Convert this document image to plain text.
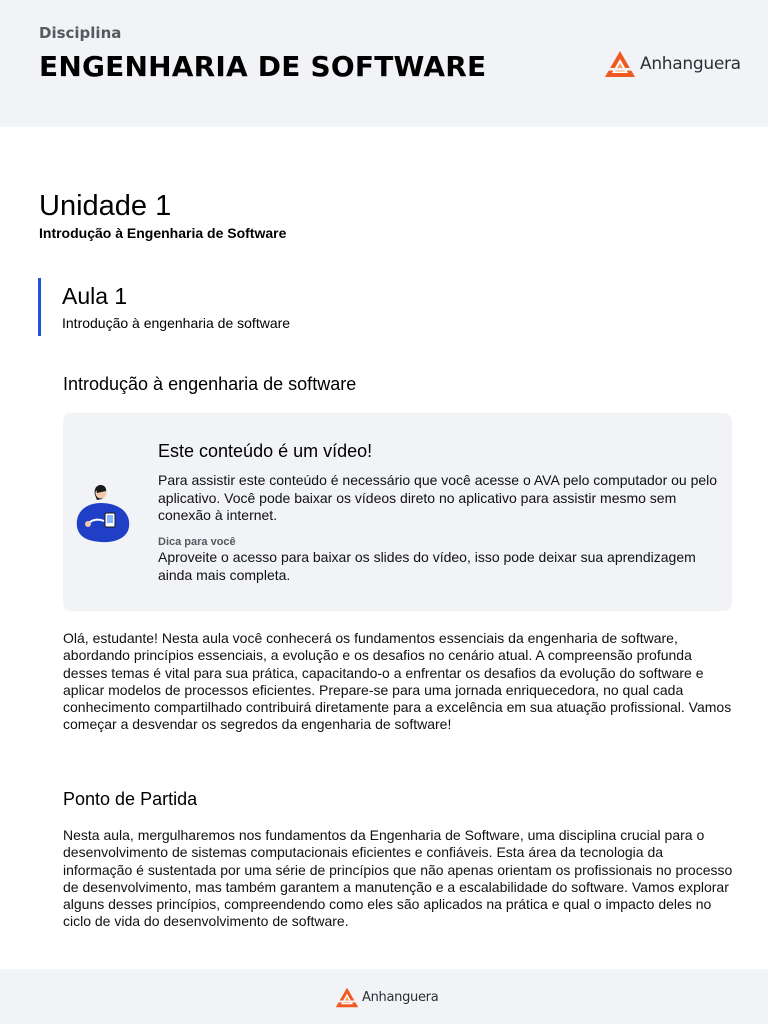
Disciplina
ENGENHARIA DE SOFTWARE	Anhanguera
Unidade 1
Introdução à Engenharia de Software
Aula 1
Introdução à engenharia de software
Introdução à engenharia de software
Este conteúdo é um vídeo!
Para assistir este conteúdo é necessário que você acesse o AVA pelo computador ou pelo aplicativo. Você pode baixar os vídeos direto no aplicativo para assistir mesmo sem conexão à internet.
Dica para você
Aproveite o acesso para baixar os slides do vídeo, isso pode deixar sua aprendizagem ainda mais completa.
Olá, estudante! Nesta aula você conhecerá os fundamentos essenciais da engenharia de software, abordando princípios essenciais, a evolução e os desafios no cenário atual. A compreensão profunda desses temas é vital para sua prática, capacitando-o a enfrentar os desafios da evolução do software e aplicar modelos de processos eficientes. Prepare-se para uma jornada enriquecedora, no qual cada conhecimento compartilhado contribuirá diretamente para a excelência em sua atuação profissional. Vamos começar a desvendar os segredos da engenharia de software!
Ponto de Partida
Nesta aula, mergulharemos nos fundamentos da Engenharia de Software, uma disciplina crucial para o desenvolvimento de sistemas computacionais eficientes e confiáveis. Esta área da tecnologia da informação é sustentada por uma série de princípios que não apenas orientam os profissionais no processo de desenvolvimento, mas também garantem a manutenção e a escalabilidade do software. Vamos explorar alguns desses princípios, compreendendo como eles são aplicados na prática e qual o impacto deles no ciclo de vida do desenvolvimento de software.
Anhanguera
